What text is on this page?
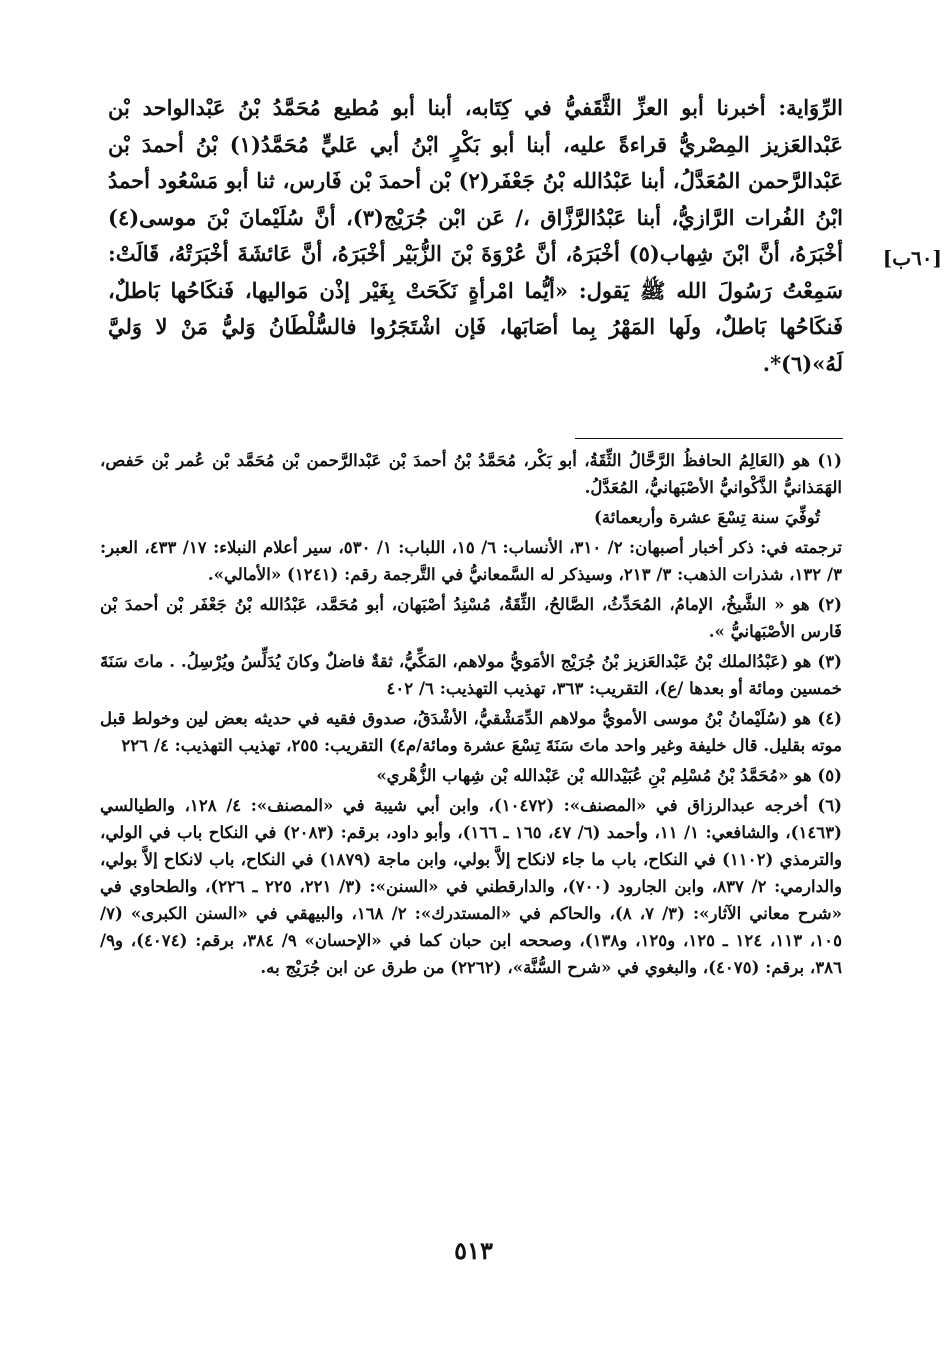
الرِّوَاية: أخبرنا أبو العزِّ الثَّقَفيُّ في كِتَابه، أبنا أبو مُطيع مُحَمَّدُ بْنُ عَبْدالواحد بْن عَبْدالعَزيز المِصْريُّ قراءةً عليه، أبنا أبو بَكْرٍ ابْنُ أبي عَليٍّ مُحَمَّدُ(١) بْنُ أحمدَ بْن عَبْدالرَّحمن المُعَدَّلُ، أبنا عَبْدُالله بْنُ جَعْفَر(٢) بْن أحمدَ بْن فَارس، ثنا أبو مَسْعُود أحمدُ ابْنُ الفُرات الرَّازيُّ، أبنا عَبْدُالرَّزَّاق ،/ عَن ابْن جُرَيْج(٣)، أنَّ سُلَيْمانَ بْنَ موسى(٤) أخْبَرَهُ، أنَّ ابْنَ شِهاب(٥) أخْبَرَهُ، أنَّ عُرْوَةَ بْنَ الزُّبَيْر أخْبَرَهُ، أنَّ عَائشَةَ أخْبَرَتْهُ، قَالَتْ: سَمِعْتُ رَسُولَ الله ﷺ يَقول: «أيُّما امْرأةٍ نَكَحَتْ بِغَيْر إذْن مَواليها، فَنكَاحُها بَاطلٌ، فَنكَاحُها بَاطلٌ، ولَها المَهْرُ بِما أصَابَها، فَإن اشْتَجَرُوا فالسُّلْطَانُ وَليُّ مَنْ لا وَليَّ لَهُ»(٦)*.

[٦٠ب]

(١) هو (العَالِمُ الحافظُ الرَّحَّالُ الثِّقَةُ، أبو بَكْر، مُحَمَّدُ بْنُ أحمدَ بْن عَبْدالرَّحمن بْن مُحَمَّد بْن عُمر بْن حَفص، الهَمَذانيُّ الذَّكْوانيُّ الأصْبَهانيُّ، المُعَدَّلُ.

تُوفِّيَ سنة تِسْعَ عشرة وأربعمائة)

ترجمته في: ذكر أخبار أصبهان: ٢/ ٣١٠، الأنساب: ٦/ ١٥، اللباب: ١/ ٥٣٠، سير أعلام النبلاء: ١٧/ ٤٣٣، العبر: ٣/ ١٣٢، شذرات الذهب: ٣/ ٢١٣، وسيذكر له السَّمعانيُّ في التَّرجمة رقم: (١٢٤١) «الأمالي».

(٢) هو « الشَّيخُ، الإمامُ، المُحَدِّثُ، الصَّالحُ، الثِّقَةُ، مُسْنِدُ أصْبَهان، أبو مُحَمَّد، عَبْدُالله بْنُ جَعْفَر بْن أحمدَ بْن فَارس الأصْبَهانيُّ ».

(٣) هو (عَبْدُالملك بْنُ عَبْدالعَزيز بْنُ جُرَيْج الأمَويُّ مولاهم، المَكِّيُّ، ثقةٌ فاضلٌ وكانَ يُدَلِّسُ ويُرْسِلُ. . ماتَ سَنَةَ خمسين ومائة أو بعدها /ع)، التقريب: ٣٦٣، تهذيب التهذيب: ٦/ ٤٠٢

(٤) هو (سُلَيْمانُ بْنُ موسى الأمويُّ مولاهم الدِّمَشْقيُّ، الأشْدَقُ، صدوق فقيه في حديثه بعض لين وخولط قبل موته بقليل. قال خليفة وغير واحد ماتَ سَنَةَ تِسْعَ عشرة ومائة/م٤) التقريب: ٢٥٥، تهذيب التهذيب: ٤/ ٢٢٦

(٥) هو «مُحَمَّدُ بْنُ مُسْلِم بْنِ عُبَيْدالله بْن عَبْدالله بْن شِهاب الزُّهْري»

(٦) أخرجه عبدالرزاق في «المصنف»: (١٠٤٧٢)، وابن أبي شيبة في «المصنف»: ٤/ ١٢٨، والطيالسي (١٤٦٣)، والشافعي: ١/ ١١، وأحمد (٦/ ٤٧، ١٦٥ ـ ١٦٦)، وأبو داود، برقم: (٢٠٨٣) في النكاح باب في الولي، والترمذي (١١٠٢) في النكاح، باب ما جاء لانكاح إلاَّ بولي، وابن ماجة (١٨٧٩) في النكاح، باب لانكاح إلاَّ بولي، والدارمي: ٢/ ٨٣٧، وابن الجارود (٧٠٠)، والدارقطني في «السنن»: (٣/ ٢٢١، ٢٢٥ ـ ٢٢٦)، والطحاوي في «شرح معاني الآثار»: (٣/ ٧، ٨)، والحاكم في «المستدرك»: ٢/ ١٦٨، والبيهقي في «السنن الكبرى» (٧/ ١٠٥، ١١٣، ١٢٤ ـ ١٢٥، و١٢٥، و١٣٨)، وصححه ابن حبان كما في «الإحسان» ٩/ ٣٨٤، برقم: (٤٠٧٤)، و٩/ ٣٨٦، برقم: (٤٠٧٥)، والبغوي في «شرح السُّنَّة»، (٢٢٦٢) من طرق عن ابن جُرَيْج به.

٥١٣
